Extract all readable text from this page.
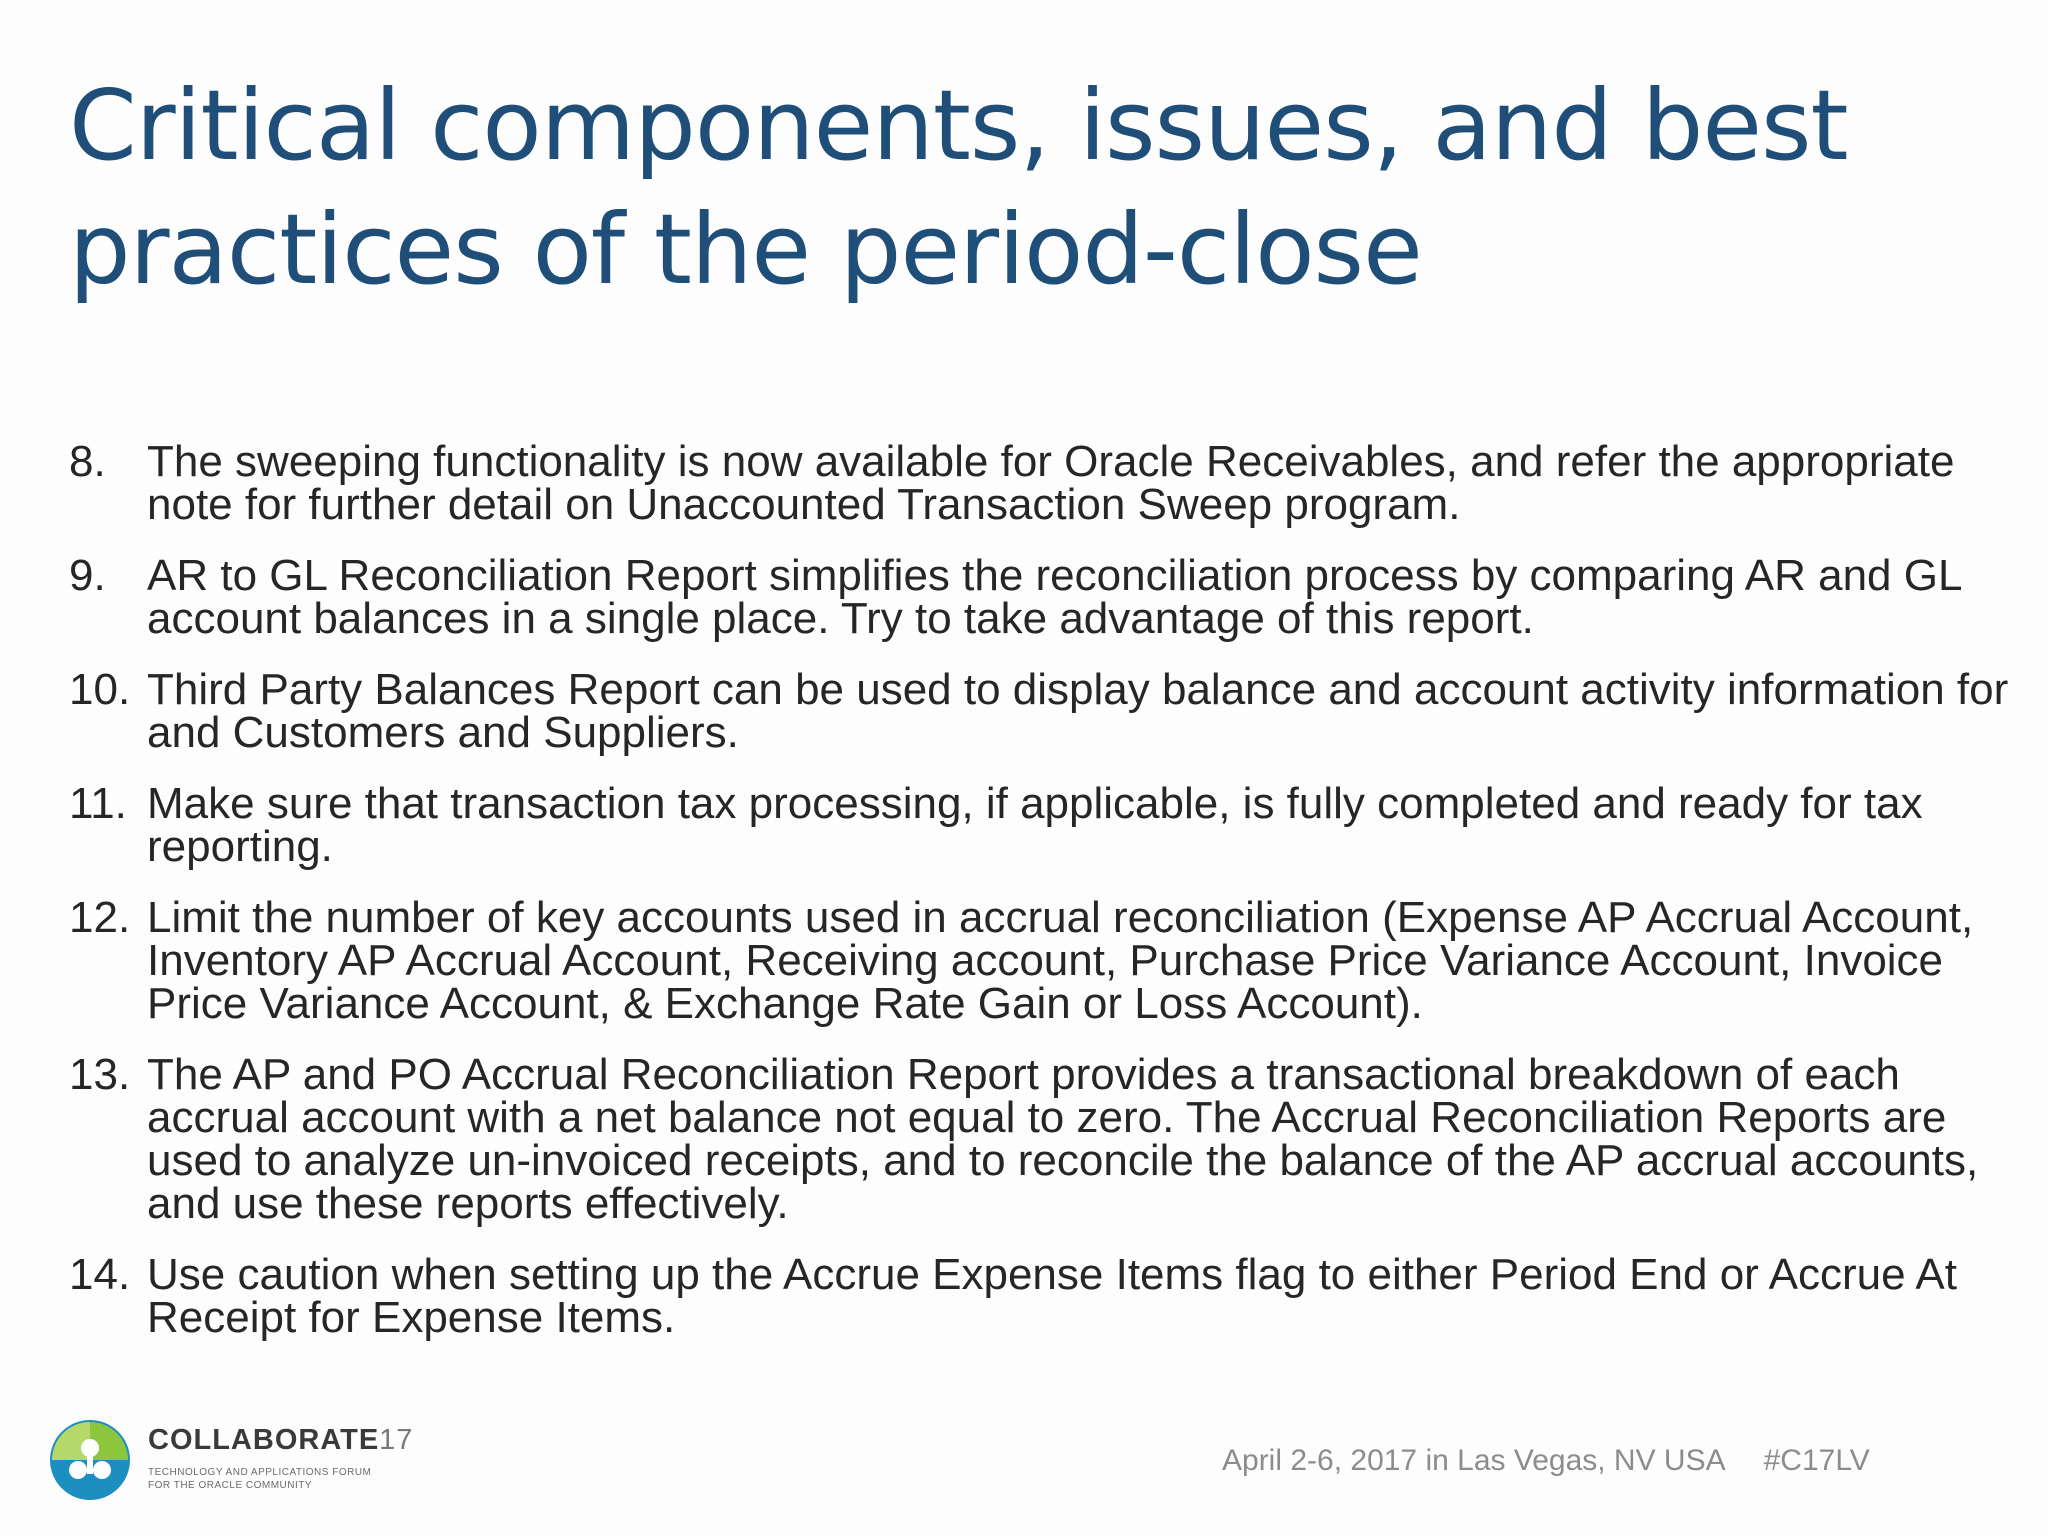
Critical components, issues, and best
practices of the period-close
8. The sweeping functionality is now available for Oracle Receivables, and refer the appropriate note for further detail on Unaccounted Transaction Sweep program.
9. AR to GL Reconciliation Report simplifies the reconciliation process by comparing AR and GL account balances in a single place. Try to take advantage of this report.
10. Third Party Balances Report can be used to display balance and account activity information for and Customers and Suppliers.
11. Make sure that transaction tax processing, if applicable, is fully completed and ready for tax reporting.
12. Limit the number of key accounts used in accrual reconciliation (Expense AP Accrual Account, Inventory AP Accrual Account, Receiving account, Purchase Price Variance Account, Invoice Price Variance Account, & Exchange Rate Gain or Loss Account).
13. The AP and PO Accrual Reconciliation Report provides a transactional breakdown of each accrual account with a net balance not equal to zero. The Accrual Reconciliation Reports are used to analyze un-invoiced receipts, and to reconcile the balance of the AP accrual accounts, and use these reports effectively.
14. Use caution when setting up the Accrue Expense Items flag to either Period End or Accrue At Receipt for Expense Items.
COLLABORATE17
TECHNOLOGY AND APPLICATIONS FORUM
FOR THE ORACLE COMMUNITY
April 2-6, 2017 in Las Vegas, NV USA #C17LV
